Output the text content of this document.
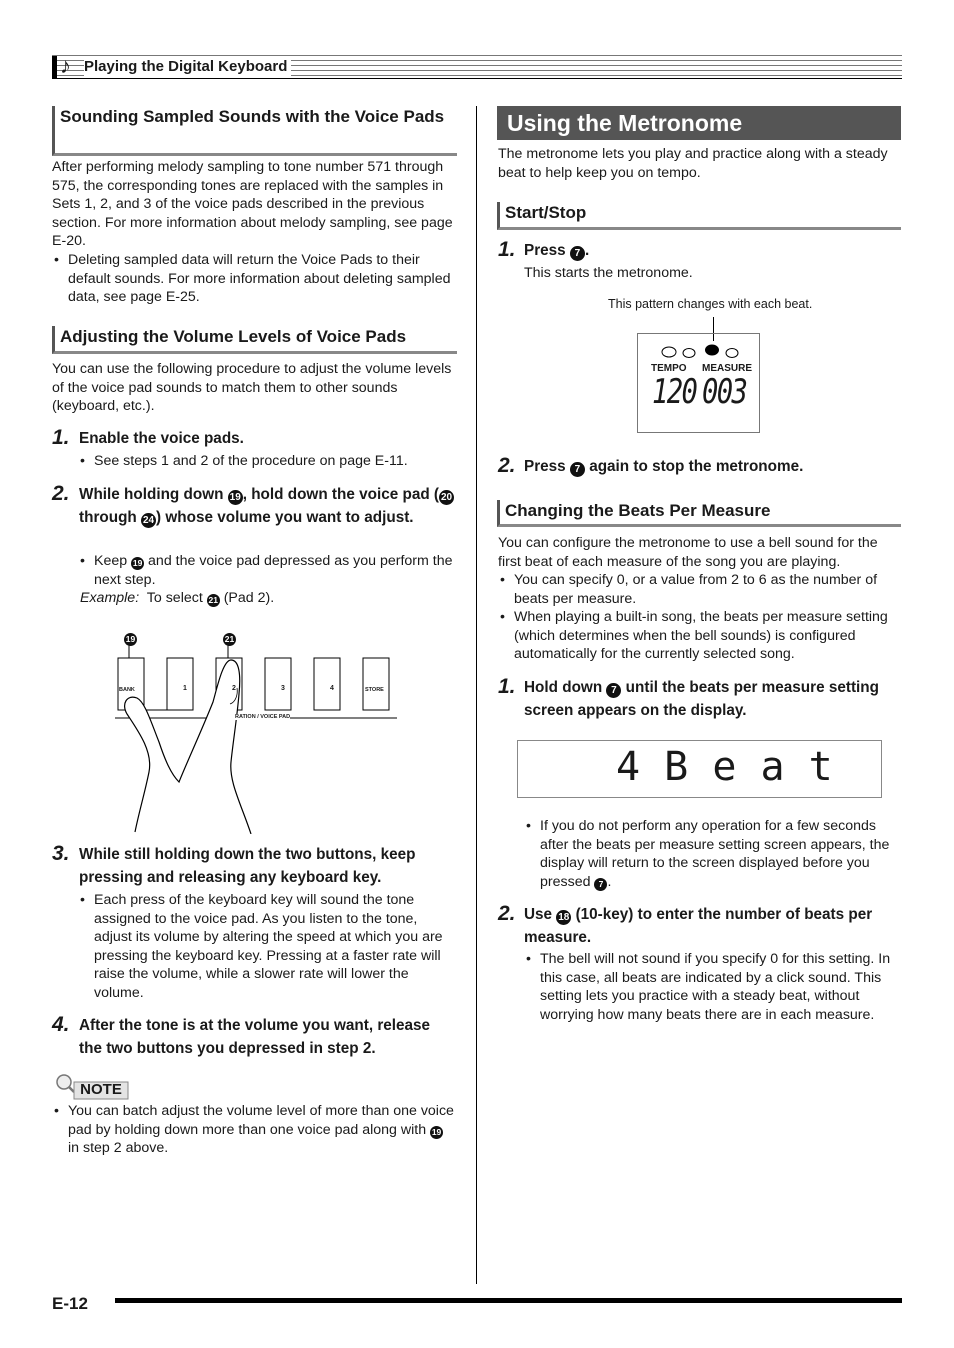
♪ Playing the Digital Keyboard
Sounding Sampled Sounds with the Voice Pads
After performing melody sampling to tone number 571 through 575, the corresponding tones are replaced with the samples in Sets 1, 2, and 3 of the voice pads described in the previous section. For more information about melody sampling, see page E-20.
• Deleting sampled data will return the Voice Pads to their default sounds. For more information about deleting sampled data, see page E-25.
Adjusting the Volume Levels of Voice Pads
You can use the following procedure to adjust the volume levels of the voice pad sounds to match them to other sounds (keyboard, etc.).
1. Enable the voice pads.
• See steps 1 and 2 of the procedure on page E-11.
2. While holding down 19 , hold down the voice pad ( 20 through 24 ) whose volume you want to adjust.
• Keep 19 and the voice pad depressed as you perform the next step.
Example: To select 21 (Pad 2).
19	21
BANK	1	2	3	4	STORE
RATION / VOICE PAD
3. While still holding down the two buttons, keep pressing and releasing any keyboard key.
• Each press of the keyboard key will sound the tone assigned to the voice pad. As you listen to the tone, adjust its volume by altering the speed at which you are pressing the keyboard key. Pressing at a faster rate will raise the volume, while a slower rate will lower the volume.
4. After the tone is at the volume you want, release the two buttons you depressed in step 2.
NOTE
• You can batch adjust the volume level of more than one voice pad by holding down more than one voice pad along with 19 in step 2 above.
Using the Metronome
The metronome lets you play and practice along with a steady beat to help keep you on tempo.
Start/Stop
1. Press 7 .
This starts the metronome.
This pattern changes with each beat.
TEMPO MEASURE
120 003
2. Press 7 again to stop the metronome.
Changing the Beats Per Measure
You can configure the metronome to use a bell sound for the first beat of each measure of the song you are playing.
• You can specify 0, or a value from 2 to 6 as the number of beats per measure.
• When playing a built-in song, the beats per measure setting (which determines when the bell sounds) is configured automatically for the currently selected song.
1. Hold down 7 until the beats per measure setting screen appears on the display.
4 B e a t
• If you do not perform any operation for a few seconds after the beats per measure setting screen appears, the display will return to the screen displayed before you pressed 7 .
2. Use 18 (10-key) to enter the number of beats per measure.
• The bell will not sound if you specify 0 for this setting. In this case, all beats are indicated by a click sound. This setting lets you practice with a steady beat, without worrying how many beats there are in each measure.
E-12
